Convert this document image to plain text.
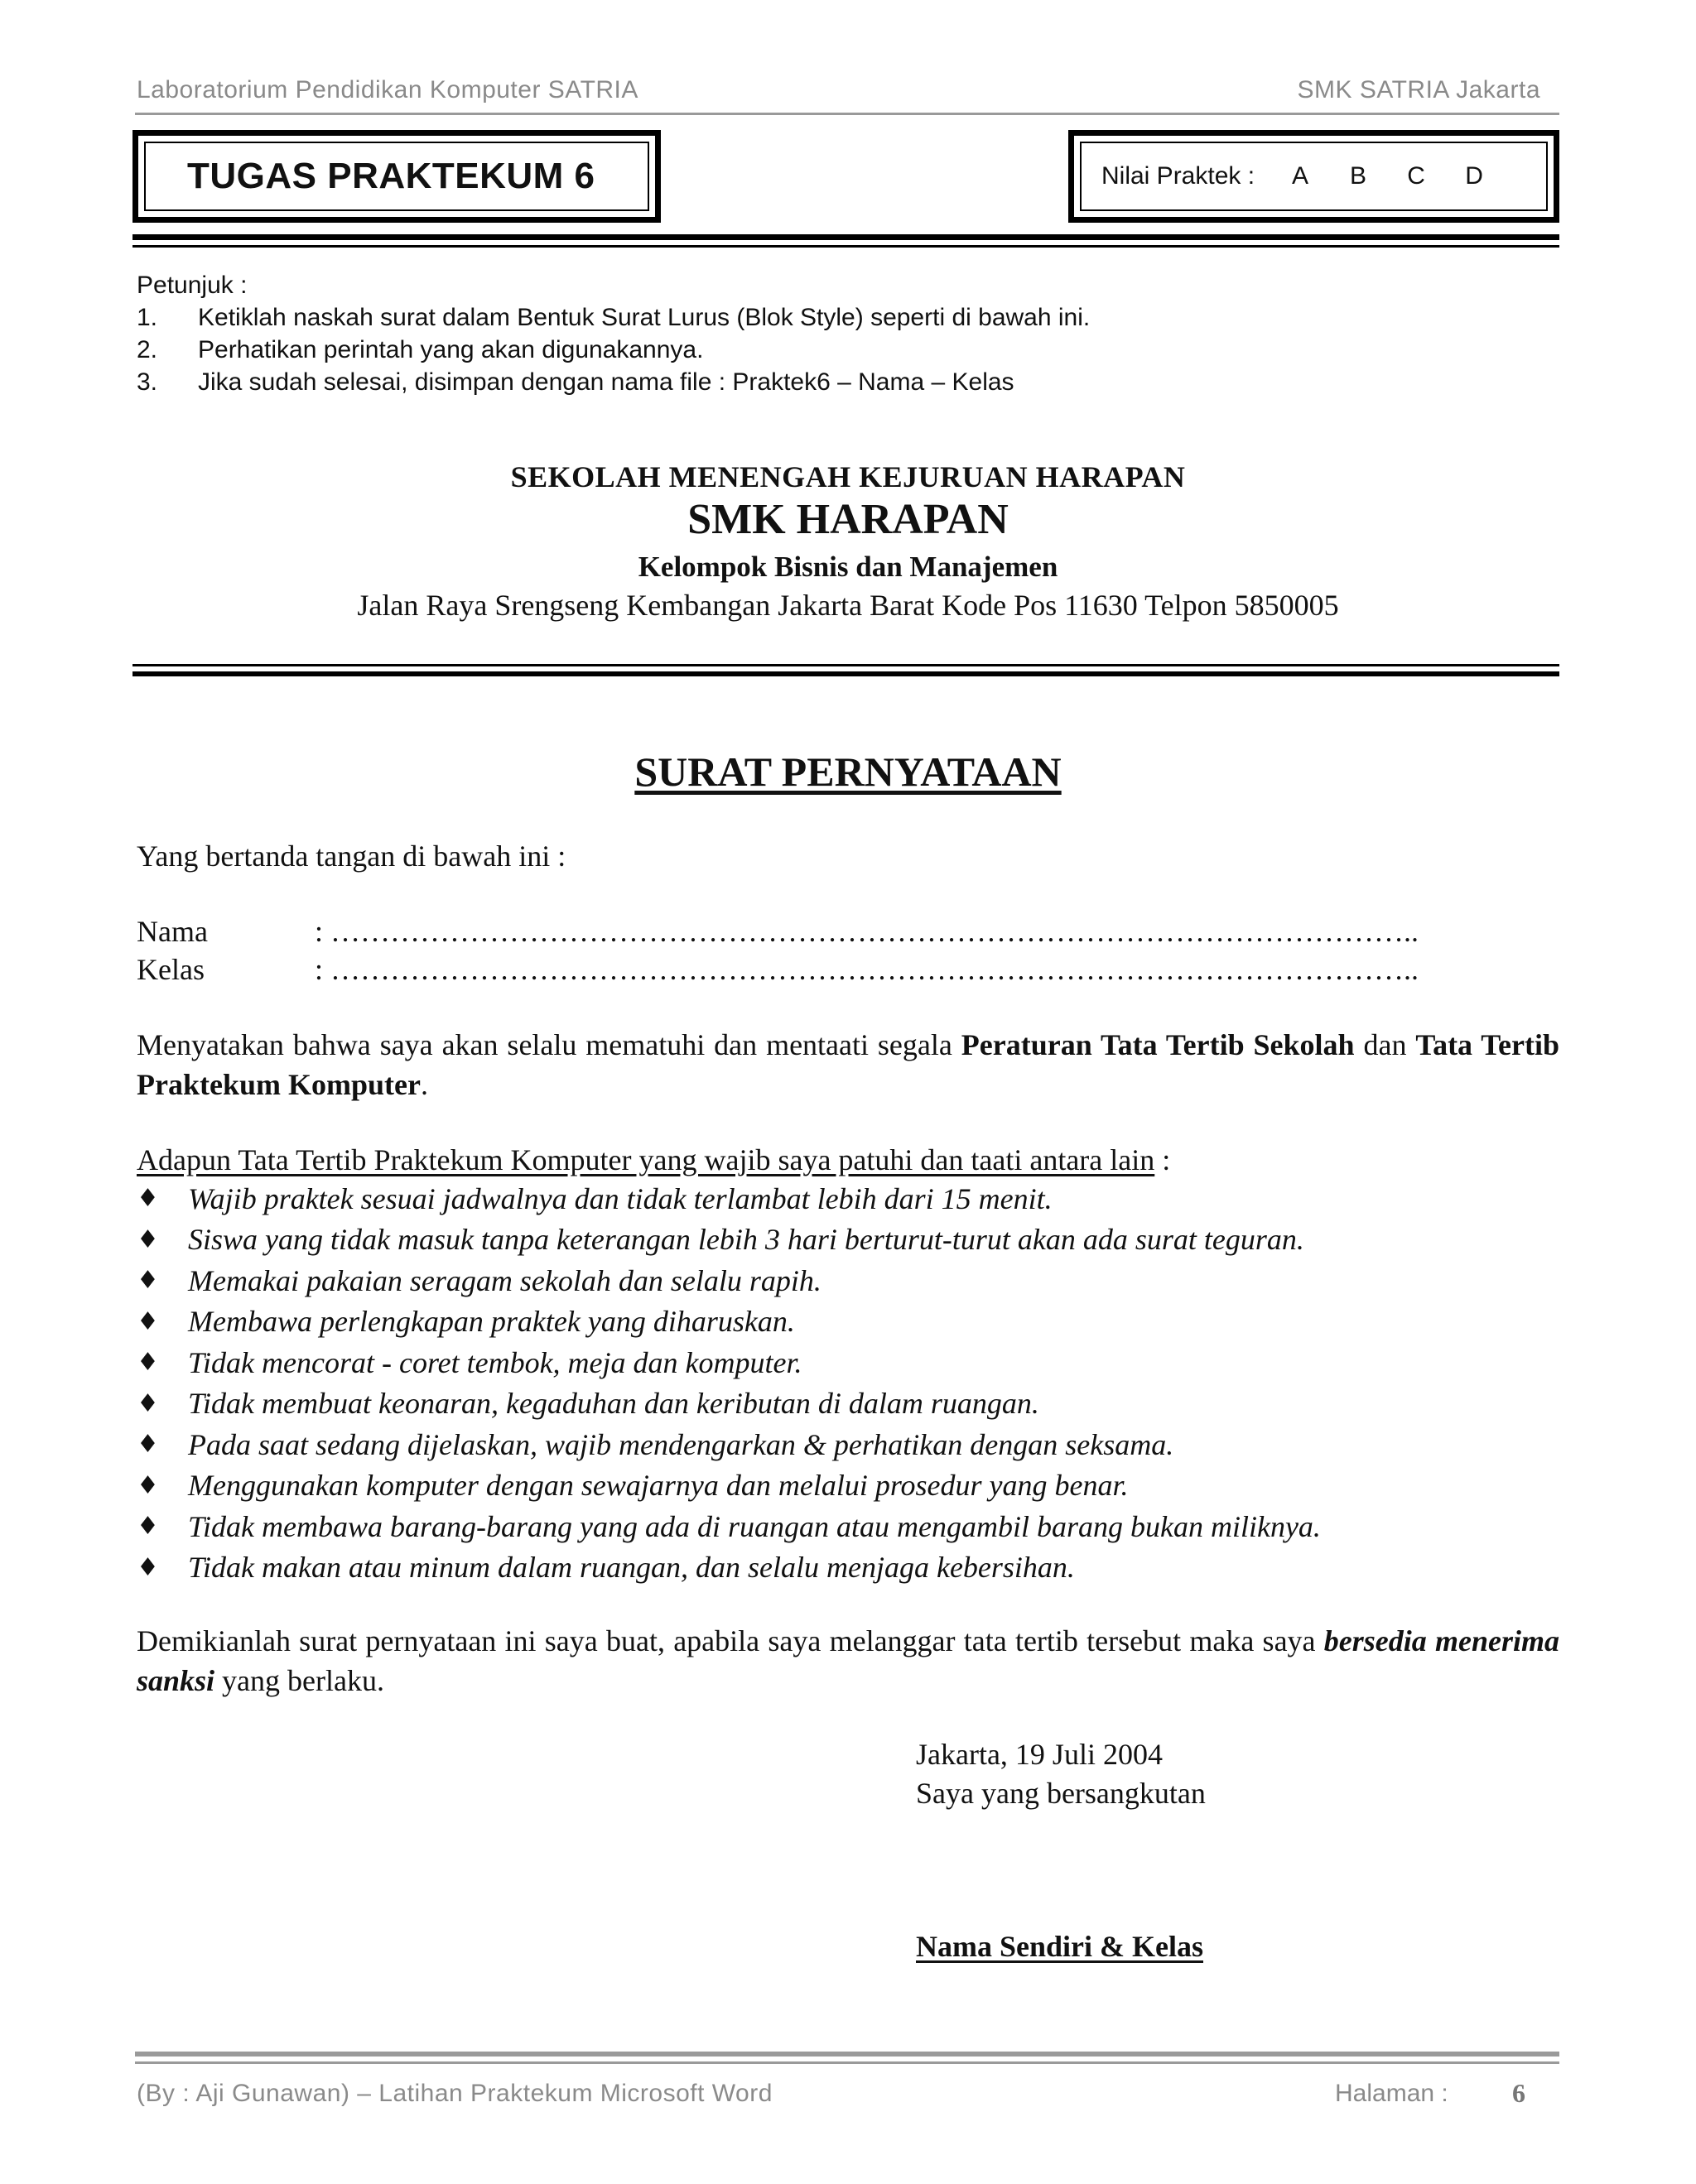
Laboratorium Pendidikan Komputer SATRIA	SMK SATRIA Jakarta
TUGAS PRAKTEKUM 6	Nilai Praktek :	A	B	C	D
Petunjuk :
1.	Ketiklah naskah surat dalam Bentuk Surat Lurus (Blok Style) seperti di bawah ini.
2.	Perhatikan perintah yang akan digunakannya.
3.	Jika sudah selesai, disimpan dengan nama file : Praktek6 – Nama – Kelas
SEKOLAH MENENGAH KEJURUAN HARAPAN
SMK HARAPAN
Kelompok Bisnis dan Manajemen
Jalan Raya Srengseng Kembangan Jakarta Barat Kode Pos 11630 Telpon 5850005
SURAT PERNYATAAN
Yang bertanda tangan di bawah ini :
Nama	: ………………………………………………………………………………………………..
Kelas	: ………………………………………………………………………………………………..
Menyatakan bahwa saya akan selalu mematuhi dan mentaati segala Peraturan Tata Tertib Sekolah dan Tata Tertib Praktekum Komputer.
Adapun Tata Tertib Praktekum Komputer yang wajib saya patuhi dan taati antara lain :
♦ Wajib praktek sesuai jadwalnya dan tidak terlambat lebih dari 15 menit.
♦ Siswa yang tidak masuk tanpa keterangan lebih 3 hari berturut-turut akan ada surat teguran.
♦ Memakai pakaian seragam sekolah dan selalu rapih.
♦ Membawa perlengkapan praktek yang diharuskan.
♦ Tidak mencorat - coret tembok, meja dan komputer.
♦ Tidak membuat keonaran, kegaduhan dan keributan di dalam ruangan.
♦ Pada saat sedang dijelaskan, wajib mendengarkan & perhatikan dengan seksama.
♦ Menggunakan komputer dengan sewajarnya dan melalui prosedur yang benar.
♦ Tidak membawa barang-barang yang ada di ruangan atau mengambil barang bukan miliknya.
♦ Tidak makan atau minum dalam ruangan, dan selalu menjaga kebersihan.
Demikianlah surat pernyataan ini saya buat, apabila saya melanggar tata tertib tersebut maka saya bersedia menerima sanksi yang berlaku.
Jakarta, 19 Juli 2004
Saya yang bersangkutan
Nama Sendiri & Kelas
(By : Aji Gunawan) – Latihan Praktekum Microsoft Word	Halaman : 6
